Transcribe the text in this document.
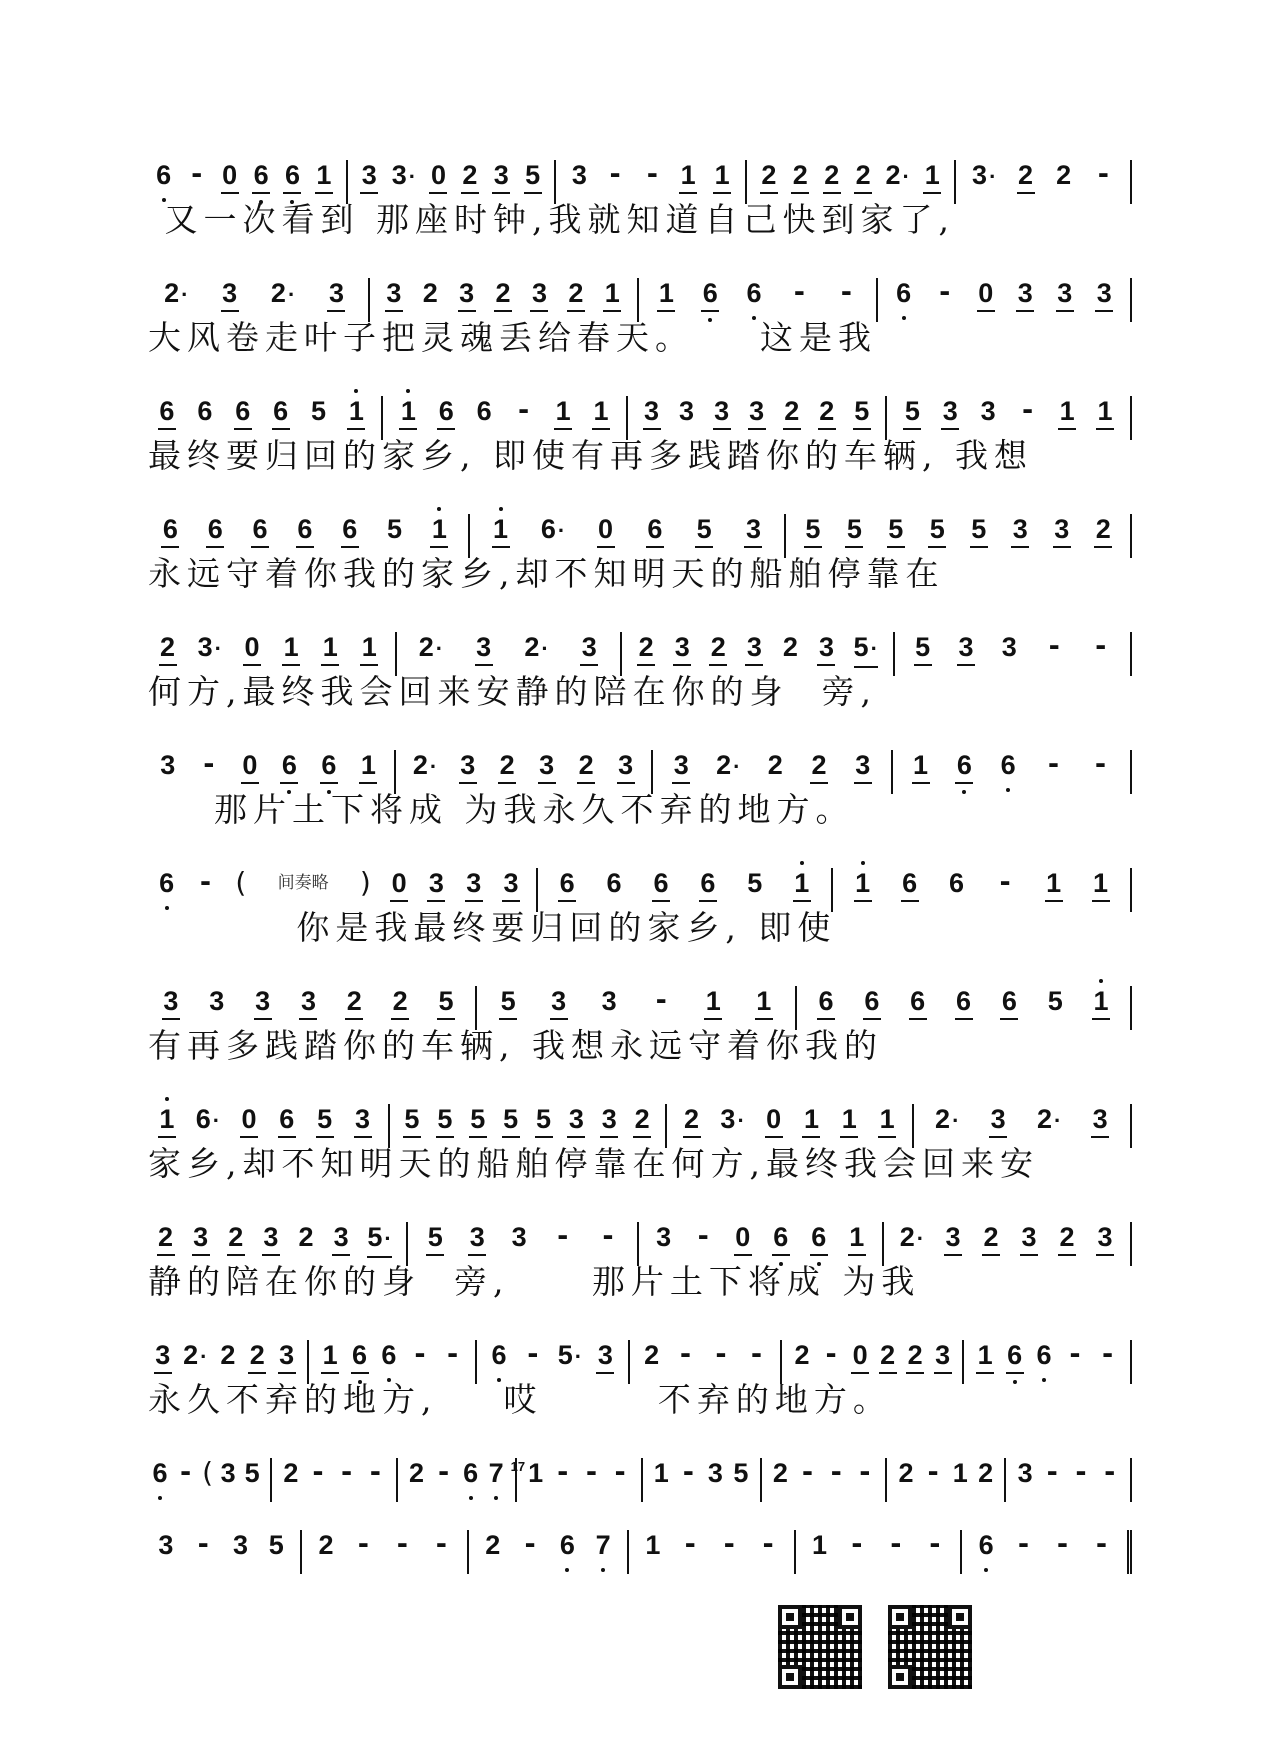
6 - 0 6 6 1 3 3· 0 2 3 5 3 - - 1 1 2 2 2 2 2· 1 3· 2 2 -
又一次看到 那座时钟,我就知道自己快到家了,
2· 3 2· 3 3 2 3 2 3 2 1 1 6 6 - - 6 - 0 3 3 3
大风卷走叶子把灵魂丢给春天。    这是我
6 6 6 6 5 1 1 6 6 - 1 1 3 3 3 3 2 2 5 5 3 3 - 1 1
最终要归回的家乡, 即使有再多践踏你的车辆, 我想
6 6 6 6 6 5 1 1 6· 0 6 5 3 5 5 5 5 5 3 3 2
永远守着你我的家乡,却不知明天的船舶停靠在
2 3· 0 1 1 1 2· 3 2· 3 2 3 2 3 2 3 5· 5 3 3 - -
何方,最终我会回来安静的陪在你的身  旁,
3 - 0 6 6 1 2· 3 2 3 2 3 3 2· 2 2 3 1 6 6 - -
那片土下将成 为我永久不弃的地方。
6 - (	间奏略	) 0 3 3 3 6 6 6 6 5 1 1 6 6 - 1 1
你是我最终要归回的家乡, 即使
3 3 3 3 2 2 5 5 3 3 - 1 1 6 6 6 6 6 5 1
有再多践踏你的车辆, 我想永远守着你我的
1 6· 0 6 5 3 5 5 5 5 5 3 3 2 2 3· 0 1 1 1 2· 3 2· 3
家乡,却不知明天的船舶停靠在何方,最终我会回来安
2 3 2 3 2 3 5· 5 3 3 - - 3 - 0 6 6 1 2· 3 2 3 2 3
静的陪在你的身  旁,     那片土下将成 为我
3 2· 2 2 3 1 6 6 - - 6 - 5· 3 2 - - - 2 - 0 2 2 3 1 6 6 - -
永久不弃的地方,    哎       不弃的地方。
6 - ( 3 5 2 - - - 2 - 6 7 1
17 - - - 1 - 3 5 2 - - - 2 - 1 2 3 - - -
3 - 3 5 2 - - - 2 - 6 7 1 - - - 1 - - - 6 - - -
